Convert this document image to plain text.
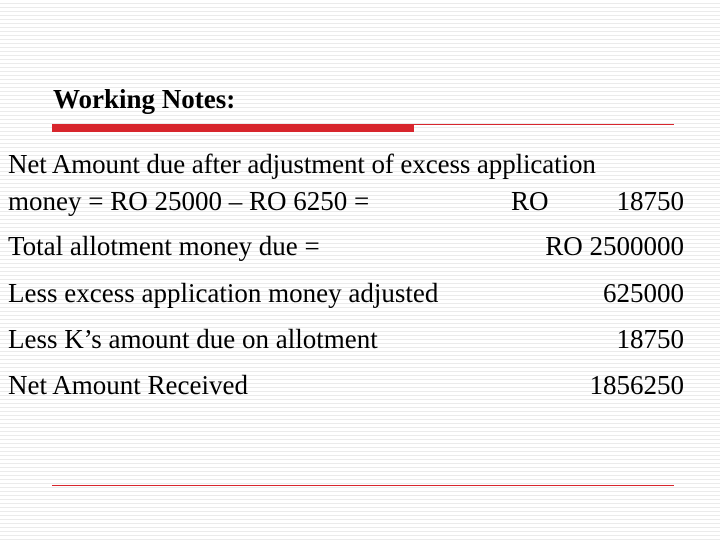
Working Notes:
Net Amount due after adjustment of excess application
money = RO 25000 – RO 6250 =	RO	18750
Total allotment money due =	RO 2500000
Less excess application money adjusted	625000
Less K’s amount due on allotment	18750
Net Amount Received	1856250
